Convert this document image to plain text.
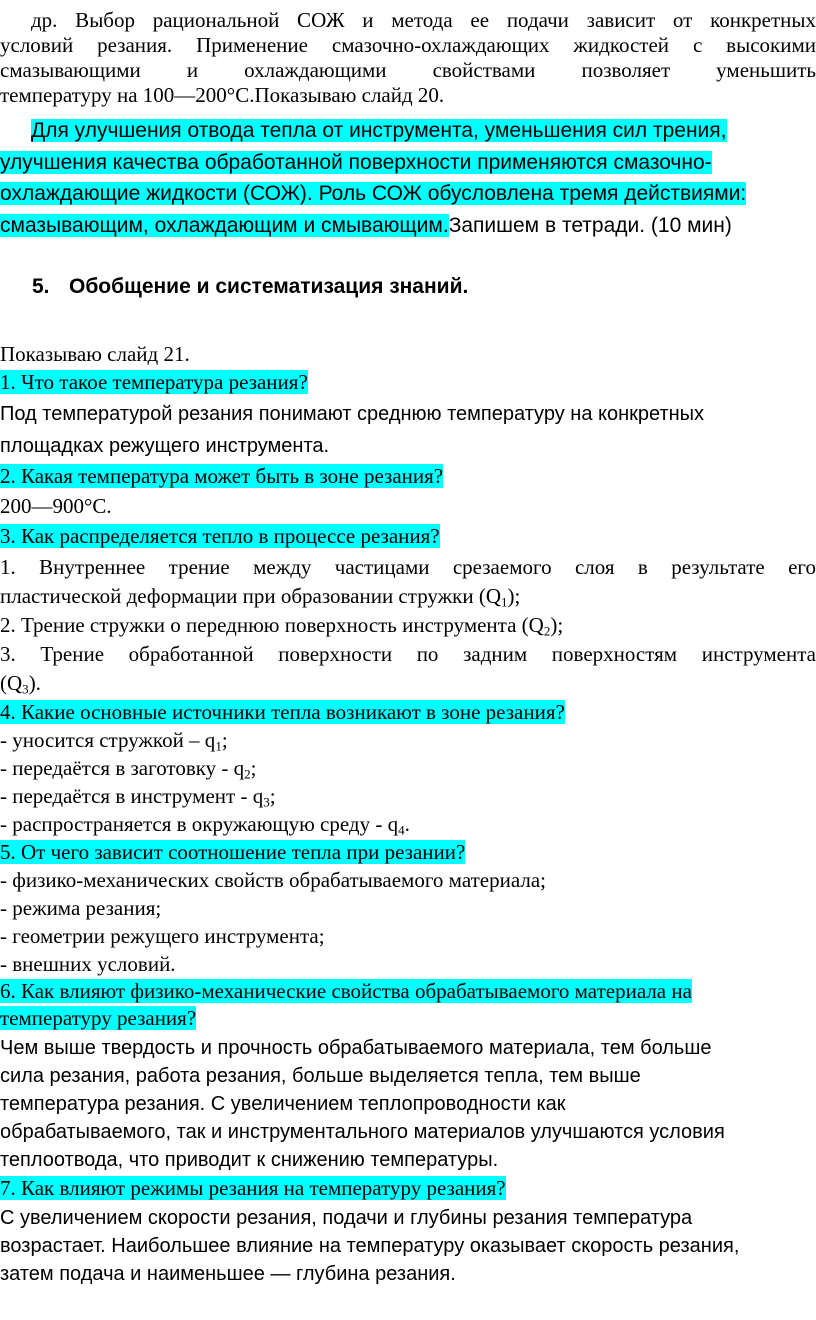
др. Выбор рациональной СОЖ и метода ее подачи зависит от конкретных
условий резания. Применение смазочно-охлаждающих жидкостей с высокими
смазывающими и охлаждающими свойствами позволяет уменьшить
температуру на 100—200°С.Показываю слайд 20.
Для улучшения отвода тепла от инструмента, уменьшения сил трения,
улучшения качества обработанной поверхности применяются смазочно-
охлаждающие жидкости (СОЖ). Роль СОЖ обусловлена тремя действиями:
смазывающим, охлаждающим и смывающим.Запишем в тетради. (10 мин)
5. Обобщение и систематизация знаний.
Показываю слайд 21.
1. Что такое температура резания?
Под температурой резания понимают среднюю температуру на конкретных
площадках режущего инструмента.
2. Какая температура может быть в зоне резания?
200—900°С.
3. Как распределяется тепло в процессе резания?
1. Внутреннее трение между частицами срезаемого слоя в результате его
пластической деформации при образовании стружки $(Q_1)$;
2. Трение стружки о переднюю поверхность инструмента $(Q_2)$;
3. Трение обработанной поверхности по задним поверхностям инструмента
$(Q_3)$.
4. Какие основные источники тепла возникают в зоне резания?
- уносится стружкой – $q_1$;
- передаётся в заготовку - $q_2$;
- передаётся в инструмент - $q_3$;
- распространяется в окружающую среду - $q_4$.
5. От чего зависит соотношение тепла при резании?
- физико-механических свойств обрабатываемого материала;
- режима резания;
- геометрии режущего инструмента;
- внешних условий.
6. Как влияют физико-механические свойства обрабатываемого материала на
температуру резания?
Чем выше твердость и прочность обрабатываемого материала, тем больше
сила резания, работа резания, больше выделяется тепла, тем выше
температура резания. С увеличением теплопроводности как
обрабатываемого, так и инструментального материалов улучшаются условия
теплоотвода, что приводит к снижению температуры.
7. Как влияют режимы резания на температуру резания?
С увеличением скорости резания, подачи и глубины резания температура
возрастает. Наибольшее влияние на температуру оказывает скорость резания,
затем подача и наименьшее — глубина резания.
